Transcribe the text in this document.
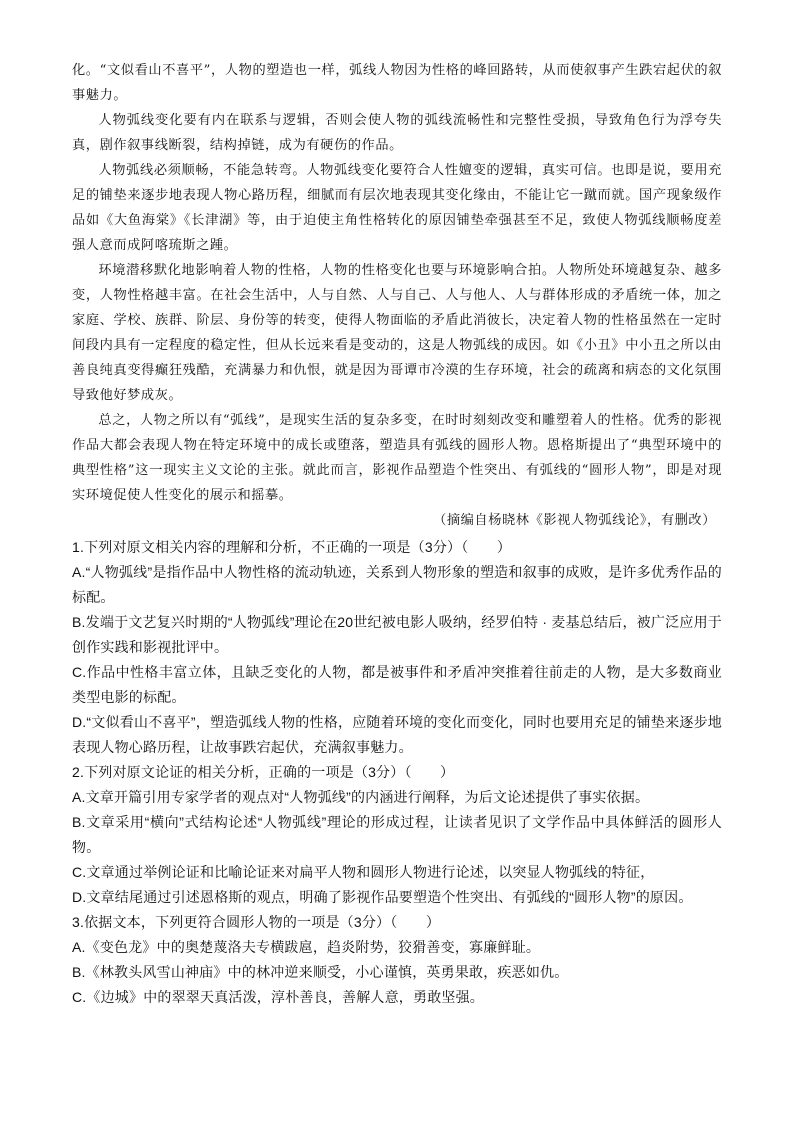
化。“文似看山不喜平”，人物的塑造也一样，弧线人物因为性格的峰回路转，从而使叙事产生跌宕起伏的叙事魅力。

人物弧线变化要有内在联系与逻辑，否则会使人物的弧线流畅性和完整性受损，导致角色行为浮夸失真，剧作叙事线断裂，结构掉链，成为有硬伤的作品。

人物弧线必须顺畅，不能急转弯。人物弧线变化要符合人性嬗变的逻辑，真实可信。也即是说，要用充足的铺垫来逐步地表现人物心路历程，细腻而有层次地表现其变化缘由，不能让它一蹴而就。国产现象级作品如《大鱼海棠》《长津湖》等，由于迫使主角性格转化的原因铺垫牵强甚至不足，致使人物弧线顺畅度差强人意而成阿喀琉斯之踵。

环境潜移默化地影响着人物的性格，人物的性格变化也要与环境影响合拍。人物所处环境越复杂、越多变，人物性格越丰富。在社会生活中，人与自然、人与自己、人与他人、人与群体形成的矛盾统一体，加之家庭、学校、族群、阶层、身份等的转变，使得人物面临的矛盾此消彼长，决定着人物的性格虽然在一定时间段内具有一定程度的稳定性，但从长远来看是变动的，这是人物弧线的成因。如《小丑》中小丑之所以由善良纯真变得癫狂残酷，充满暴力和仇恨，就是因为哥谭市冷漠的生存环境，社会的疏离和病态的文化氛围导致他好梦成灰。

总之，人物之所以有“弧线”，是现实生活的复杂多变，在时时刻刻改变和雕塑着人的性格。优秀的影视作品大都会表现人物在特定环境中的成长或堕落，塑造具有弧线的圆形人物。恩格斯提出了“典型环境中的典型性格”这一现实主义文论的主张。就此而言，影视作品塑造个性突出、有弧线的“圆形人物”，即是对现实环境促使人性变化的展示和摇摹。

（摘编自杨晓林《影视人物弧线论》，有删改）

1.下列对原文相关内容的理解和分析，不正确的一项是（3分）（　　）

A.“人物弧线”是指作品中人物性格的流动轨迹，关系到人物形象的塑造和叙事的成败，是许多优秀作品的标配。

B.发端于文艺复兴时期的“人物弧线”理论在20世纪被电影人吸纳，经罗伯特 · 麦基总结后，被广泛应用于创作实践和影视批评中。

C.作品中性格丰富立体，且缺乏变化的人物，都是被事件和矛盾冲突推着往前走的人物，是大多数商业类型电影的标配。

D.“文似看山不喜平”，塑造弧线人物的性格，应随着环境的变化而变化，同时也要用充足的铺垫来逐步地表现人物心路历程，让故事跌宕起伏，充满叙事魅力。

2.下列对原文论证的相关分析，正确的一项是（3分）（　　）

A.文章开篇引用专家学者的观点对“人物弧线”的内涵进行阐释，为后文论述提供了事实依据。

B.文章采用“横向”式结构论述“人物弧线”理论的形成过程，让读者见识了文学作品中具体鲜活的圆形人物。

C.文章通过举例论证和比喻论证来对扁平人物和圆形人物进行论述，以突显人物弧线的特征，

D.文章结尾通过引述恩格斯的观点，明确了影视作品要塑造个性突出、有弧线的“圆形人物”的原因。

3.依据文本，下列更符合圆形人物的一项是（3分）（　　）

A.《变色龙》中的奥楚蔑洛夫专横跋扈，趋炎附势，狡猾善变，寡廉鲜耻。

B.《林教头风雪山神庙》中的林冲逆来顺受，小心谨慎，英勇果敢，疾恶如仇。

C.《边城》中的翠翠天真活泼，淳朴善良，善解人意，勇敢坚强。
